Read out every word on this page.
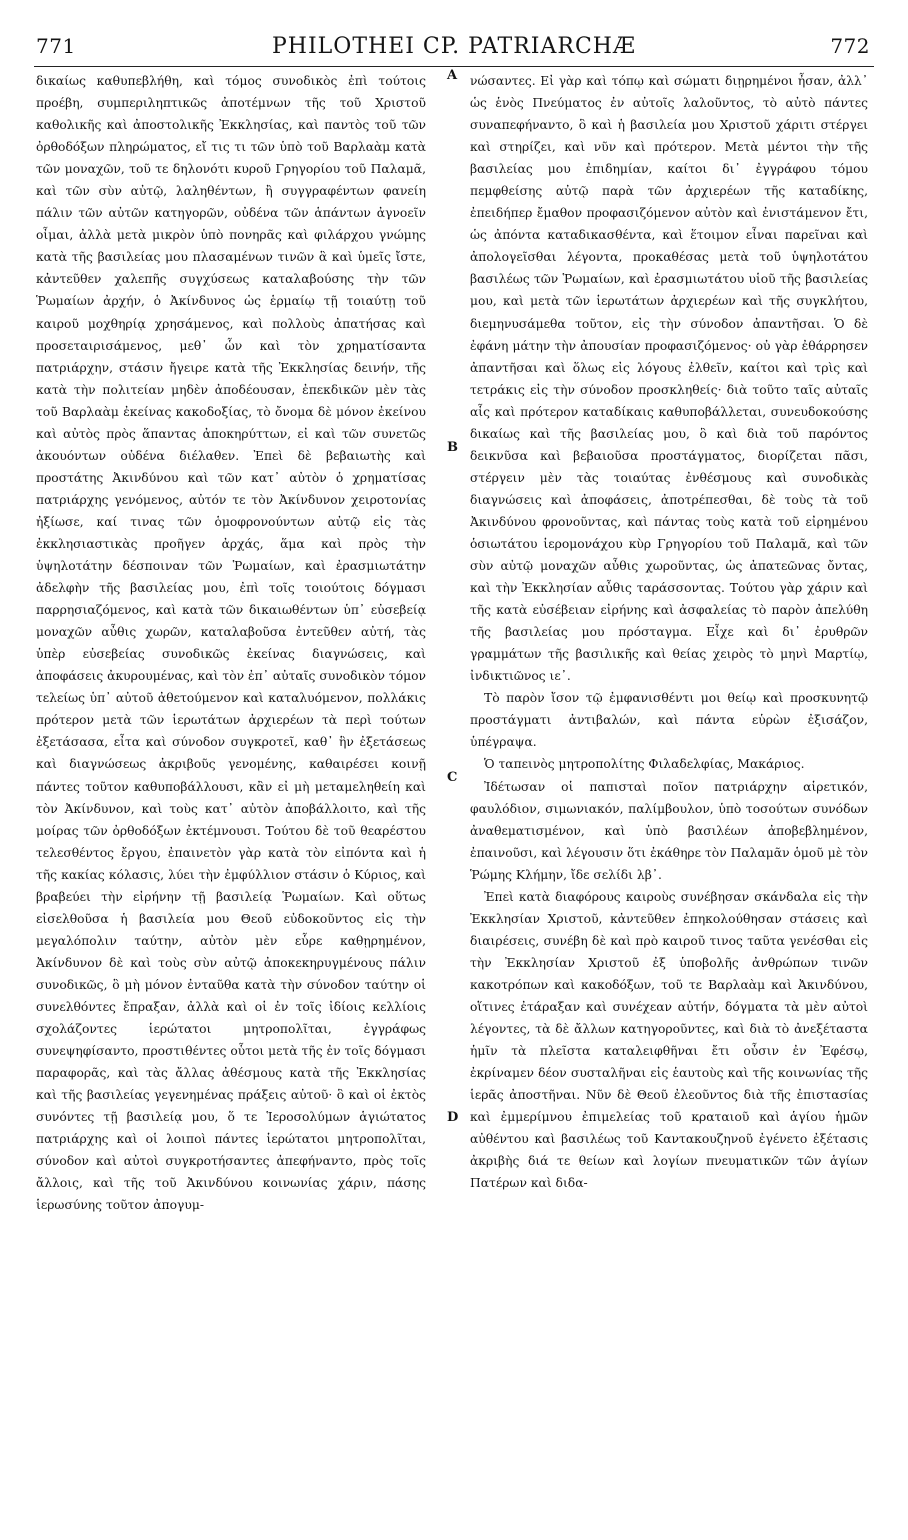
771	PHILOTHEI CP. PATRIARCHÆ	772
A
B
C
D

δικαίως καθυπεβλήθη, καὶ τόμος συνοδικὸς ἐπὶ τούτοις προέβη, συμπεριληπτικῶς ἀποτέμνων τῆς τοῦ Χριστοῦ καθολικῆς καὶ ἀποστολικῆς Ἐκκλησίας, καὶ παντὸς τοῦ τῶν ὀρθοδόξων πληρώματος, εἴ τις τι τῶν ὑπὸ τοῦ Βαρλαὰμ κατὰ τῶν μοναχῶν, τοῦ τε δηλονότι κυροῦ Γρηγορίου τοῦ Παλαμᾶ, καὶ τῶν σὺν αὐτῷ, λαληθέντων, ἢ συγγραφέντων φανείη πάλιν τῶν αὐτῶν κατηγορῶν, οὐδένα τῶν ἁπάντων ἀγνοεῖν οἶμαι, ἀλλὰ μετὰ μικρὸν ὑπὸ πονηρᾶς καὶ φιλάρχου γνώμης κατὰ τῆς βασιλείας μου πλασαμένων τινῶν ἃ καὶ ὑμεῖς ἴστε, κἀντεῦθεν χαλεπῆς συγχύσεως καταλαβούσης τὴν τῶν Ῥωμαίων ἀρχήν, ὁ Ἀκίνδυνος ὡς ἑρμαίῳ τῇ τοιαύτῃ τοῦ καιροῦ μοχθηρίᾳ χρησάμενος, καὶ πολλοὺς ἀπατήσας καὶ προσεταιρισάμενος, μεθ᾿ ὧν καὶ τὸν χρηματίσαντα πατριάρχην, στάσιν ἤγειρε κατὰ τῆς Ἐκκλησίας δεινήν, τῆς κατὰ τὴν πολιτείαν μηδὲν ἀποδέουσαν, ἐπεκδικῶν μὲν τὰς τοῦ Βαρλαὰμ ἐκείνας κακοδοξίας, τὸ ὄνομα δὲ μόνον ἐκείνου καὶ αὐτὸς πρὸς ἅπαντας ἀποκηρύττων, εἰ καὶ τῶν συνετῶς ἀκουόντων οὐδένα διέλαθεν. Ἐπεὶ δὲ βεβαιωτὴς καὶ προστάτης Ἀκινδύνου καὶ τῶν κατ᾿ αὐτὸν ὁ χρηματίσας πατριάρχης γενόμενος, αὐτόν τε τὸν Ἀκίνδυνον χειροτονίας ἠξίωσε, καί τινας τῶν ὁμοφρονούντων αὐτῷ εἰς τὰς ἐκκλησιαστικὰς προῆγεν ἀρχάς, ἅμα καὶ πρὸς τὴν ὑψηλοτάτην δέσποιναν τῶν Ῥωμαίων, καὶ ἐρασμιωτάτην ἀδελφὴν τῆς βασιλείας μου, ἐπὶ τοῖς τοιούτοις δόγμασι παρρησιαζόμενος, καὶ κατὰ τῶν δικαιωθέντων ὑπ᾿ εὐσεβείᾳ μοναχῶν αὖθις χωρῶν, καταλαβοῦσα ἐντεῦθεν αὐτή, τὰς ὑπὲρ εὐσεβείας συνοδικῶς ἐκείνας διαγνώσεις, καὶ ἀποφάσεις ἀκυρουμένας, καὶ τὸν ἐπ᾿ αὐταῖς συνοδικὸν τόμον τελείως ὑπ᾿ αὐτοῦ ἀθετούμενον καὶ καταλυόμενον, πολλάκις πρότερον μετὰ τῶν ἱερωτάτων ἀρχιερέων τὰ περὶ τούτων ἐξετάσασα, εἶτα καὶ σύνοδον συγκροτεῖ, καθ᾿ ἣν ἐξετάσεως καὶ διαγνώσεως ἀκριβοῦς γενομένης, καθαιρέσει κοινῇ πάντες τοῦτον καθυποβάλλουσι, κἂν εἰ μὴ μεταμεληθείη καὶ τὸν Ἀκίνδυνον, καὶ τοὺς κατ᾿ αὐτὸν ἀποβάλλοιτο, καὶ τῆς μοίρας τῶν ὀρθοδόξων ἐκτέμνουσι. Τούτου δὲ τοῦ θεαρέστου τελεσθέντος ἔργου, ἐπαινετὸν γὰρ κατὰ τὸν εἰπόντα καὶ ἡ τῆς κακίας κόλασις, λύει τὴν ἐμφύλλιον στάσιν ὁ Κύριος, καὶ βραβεύει τὴν εἰρήνην τῇ βασιλείᾳ Ῥωμαίων. Καὶ οὕτως εἰσελθοῦσα ἡ βασιλεία μου Θεοῦ εὐδοκοῦντος εἰς τὴν μεγαλόπολιν ταύτην, αὐτὸν μὲν εὗρε καθῃρημένον, Ἀκίνδυνον δὲ καὶ τοὺς σὺν αὐτῷ ἀποκεκηρυγμένους πάλιν συνοδικῶς, ὃ μὴ μόνον ἐνταῦθα κατὰ τὴν σύνοδον ταύτην οἱ συνελθόντες ἔπραξαν, ἀλλὰ καὶ οἱ ἐν τοῖς ἰδίοις κελλίοις σχολάζοντες ἱερώτατοι μητροπολῖται, ἐγγράφως συνεψηφίσαντο, προστιθέντες οὗτοι μετὰ τῆς ἐν τοῖς δόγμασι παραφορᾶς, καὶ τὰς ἄλλας ἀθέσμους κατὰ τῆς Ἐκκλησίας καὶ τῆς βασιλείας γεγενημένας πράξεις αὐτοῦ· ὃ καὶ οἱ ἐκτὸς συνόντες τῇ βασιλείᾳ μου, ὅ τε Ἱεροσολύμων ἁγιώτατος πατριάρχης καὶ οἱ λοιποὶ πάντες ἱερώτατοι μητροπολῖται, σύνοδον καὶ αὐτοὶ συγκροτήσαντες ἀπεφήναντο, πρὸς τοῖς ἄλλοις, καὶ τῆς τοῦ Ἀκινδύνου κοινωνίας χάριν, πάσης ἱερωσύνης τοῦτον ἀπογυμ-

νώσαντες. Εἰ γὰρ καὶ τόπῳ καὶ σώματι διῃρημένοι ἦσαν, ἀλλ᾿ ὡς ἑνὸς Πνεύματος ἐν αὐτοῖς λαλοῦντος, τὸ αὐτὸ πάντες συναπεφήναντο, ὃ καὶ ἡ βασιλεία μου Χριστοῦ χάριτι στέργει καὶ στηρίζει, καὶ νῦν καὶ πρότερον. Μετὰ μέντοι τὴν τῆς βασιλείας μου ἐπιδημίαν, καίτοι δι᾿ ἐγγράφου τόμου πεμφθείσης αὐτῷ παρὰ τῶν ἀρχιερέων τῆς καταδίκης, ἐπειδήπερ ἔμαθον προφασιζόμενον αὐτὸν καὶ ἐνιστάμενον ἔτι, ὡς ἀπόντα καταδικασθέντα, καὶ ἕτοιμον εἶναι παρεῖναι καὶ ἀπολογεῖσθαι λέγοντα, προκαθέσας μετὰ τοῦ ὑψηλοτάτου βασιλέως τῶν Ῥωμαίων, καὶ ἐρασμιωτάτου υἱοῦ τῆς βασιλείας μου, καὶ μετὰ τῶν ἱερωτάτων ἀρχιερέων καὶ τῆς συγκλήτου, διεμηνυσάμεθα τοῦτον, εἰς τὴν σύνοδον ἀπαντῆσαι. Ὁ δὲ ἐφάνη μάτην τὴν ἀπουσίαν προφασιζόμενος· οὐ γὰρ ἐθάρρησεν ἀπαντῆσαι καὶ ὅλως εἰς λόγους ἐλθεῖν, καίτοι καὶ τρὶς καὶ τετράκις εἰς τὴν σύνοδον προσκληθείς· διὰ τοῦτο ταῖς αὐταῖς αἷς καὶ πρότερον καταδίκαις καθυποβάλλεται, συνευδοκούσης δικαίως καὶ τῆς βασιλείας μου, ὃ καὶ διὰ τοῦ παρόντος δεικνῦσα καὶ βεβαιοῦσα προστάγματος, διορίζεται πᾶσι, στέργειν μὲν τὰς τοιαύτας ἐνθέσμους καὶ συνοδικὰς διαγνώσεις καὶ ἀποφάσεις, ἀποτρέπεσθαι, δὲ τοὺς τὰ τοῦ Ἀκινδύνου φρονοῦντας, καὶ πάντας τοὺς κατὰ τοῦ εἰρημένου ὁσιωτάτου ἱερομονάχου κὺρ Γρηγορίου τοῦ Παλαμᾶ, καὶ τῶν σὺν αὐτῷ μοναχῶν αὖθις χωροῦντας, ὡς ἀπατεῶνας ὄντας, καὶ τὴν Ἐκκλησίαν αὖθις ταράσσοντας. Τούτου γὰρ χάριν καὶ τῆς κατὰ εὐσέβειαν εἰρήνης καὶ ἀσφαλείας τὸ παρὸν ἀπελύθη τῆς βασιλείας μου πρόσταγμα. Εἶχε καὶ δι᾿ ἐρυθρῶν γραμμάτων τῆς βασιλικῆς καὶ θείας χειρὸς τὸ μηνὶ Μαρτίῳ, ἰνδικτιῶνος ιε᾿.

Τὸ παρὸν ἴσον τῷ ἐμφανισθέντι μοι θείῳ καὶ προσκυνητῷ προστάγματι ἀντιβαλών, καὶ πάντα εὑρὼν ἐξισάζον, ὑπέγραψα.

Ὁ ταπεινὸς μητροπολίτης Φιλαδελφίας, Μακάριος.

Ἰδέτωσαν οἱ παπισταὶ ποῖον πατριάρχην αἱρετικόν, φαυλόδιον, σιμωνιακόν, παλίμβουλον, ὑπὸ τοσούτων συνόδων ἀναθεματισμένον, καὶ ὑπὸ βασιλέων ἀποβεβλημένον, ἐπαινοῦσι, καὶ λέγουσιν ὅτι ἐκάθηρε τὸν Παλαμᾶν ὁμοῦ μὲ τὸν Ῥώμης Κλήμην, ἴδε σελίδι λβ᾿.

Ἐπεὶ κατὰ διαφόρους καιροὺς συνέβησαν σκάνδαλα εἰς τὴν Ἐκκλησίαν Χριστοῦ, κἀντεῦθεν ἐπηκολούθησαν στάσεις καὶ διαιρέσεις, συνέβη δὲ καὶ πρὸ καιροῦ τινος ταῦτα γενέσθαι εἰς τὴν Ἐκκλησίαν Χριστοῦ ἐξ ὑποβολῆς ἀνθρώπων τινῶν κακοτρόπων καὶ κακοδόξων, τοῦ τε Βαρλαὰμ καὶ Ἀκινδύνου, οἵτινες ἐτάραξαν καὶ συνέχεαν αὐτήν, δόγματα τὰ μὲν αὐτοὶ λέγοντες, τὰ δὲ ἄλλων κατηγοροῦντες, καὶ διὰ τὸ ἀνεξέταστα ἡμῖν τὰ πλεῖστα καταλειφθῆναι ἔτι οὖσιν ἐν Ἐφέσῳ, ἐκρίναμεν δέον συσταλῆναι εἰς ἑαυτοὺς καὶ τῆς κοινωνίας τῆς ἱερᾶς ἀποστῆναι. Νῦν δὲ Θεοῦ ἐλεοῦντος διὰ τῆς ἐπιστασίας καὶ ἐμμερίμνου ἐπιμελείας τοῦ κραταιοῦ καὶ ἁγίου ἡμῶν αὐθέντου καὶ βασιλέως τοῦ Καντακουζηνοῦ ἐγένετο ἐξέτασις ἀκριβὴς διά τε θείων καὶ λογίων πνευματικῶν τῶν ἁγίων Πατέρων καὶ διδα-
